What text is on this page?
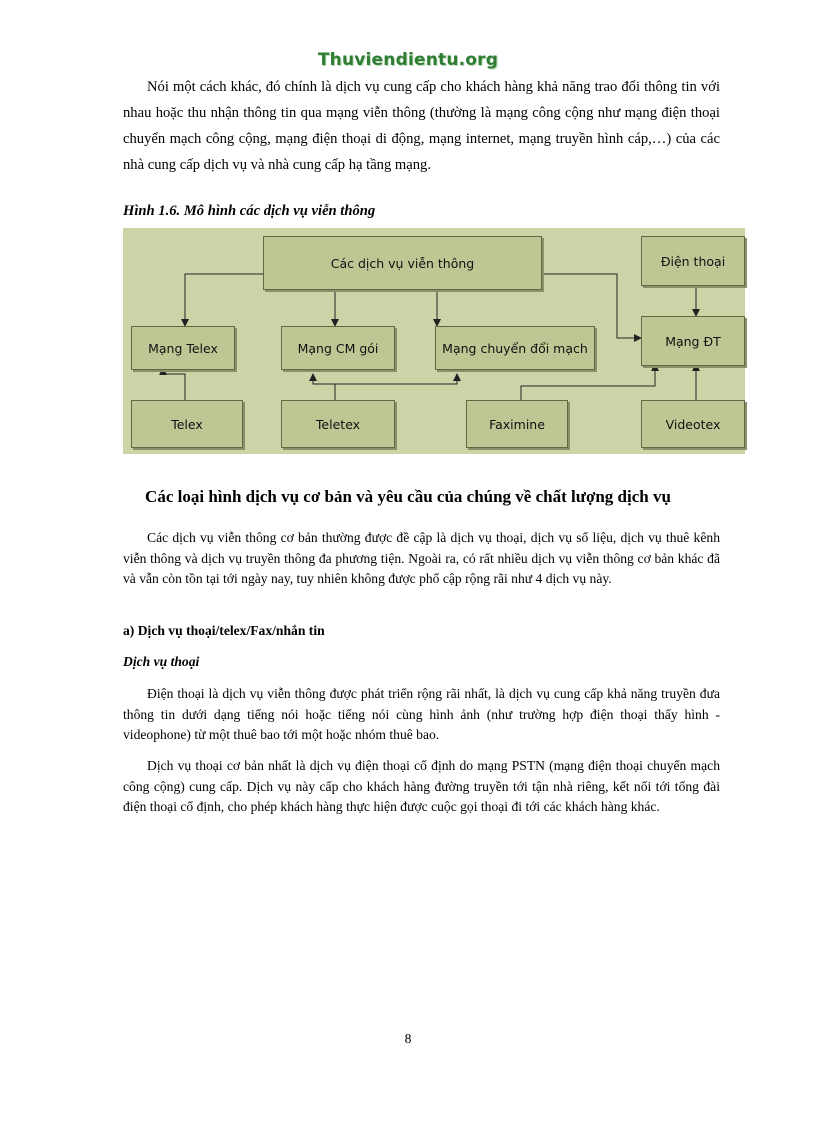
Thuviendientu.org

Nói một cách khác, đó chính là dịch vụ cung cấp cho khách hàng khả năng trao đổi thông tin với nhau hoặc thu nhận thông tin qua mạng viễn thông (thường là mạng công cộng như mạng điện thoại chuyển mạch công cộng, mạng điện thoại di động, mạng internet, mạng truyền hình cáp,…) của các nhà cung cấp dịch vụ và nhà cung cấp hạ tầng mạng.

Hình 1.6. Mô hình các dịch vụ viễn thông
Các dịch vụ viễn thông	Điện thoại
Mạng Telex	Mạng CM gói	Mạng chuyển đổi mạch	Mạng ĐT
Telex	Teletex	Faximine	Videotex
Các loại hình dịch vụ cơ bản và yêu cầu của chúng về chất lượng dịch vụ

Các dịch vụ viễn thông cơ bản thường được đề cập là dịch vụ thoại, dịch vụ số liệu, dịch vụ thuê kênh viễn thông và dịch vụ truyền thông đa phương tiện. Ngoài ra, có rất nhiều dịch vụ viễn thông cơ bản khác đã và vẫn còn tồn tại tới ngày nay, tuy nhiên không được phổ cập rộng rãi như 4 dịch vụ này.

a) Dịch vụ thoại/telex/Fax/nhắn tin
Dịch vụ thoại

Điện thoại là dịch vụ viễn thông được phát triển rộng rãi nhất, là dịch vụ cung cấp khả năng truyền đưa thông tin dưới dạng tiếng nói hoặc tiếng nói cùng hình ảnh (như trường hợp điện thoại thấy hình - videophone) từ một thuê bao tới một hoặc nhóm thuê bao.

Dịch vụ thoại cơ bản nhất là dịch vụ điện thoại cố định do mạng PSTN (mạng điện thoại chuyển mạch công cộng) cung cấp. Dịch vụ này cấp cho khách hàng đường truyền tới tận nhà riêng, kết nối tới tổng đài điện thoại cố định, cho phép khách hàng thực hiện được cuộc gọi thoại đi tới các khách hàng khác.

8
